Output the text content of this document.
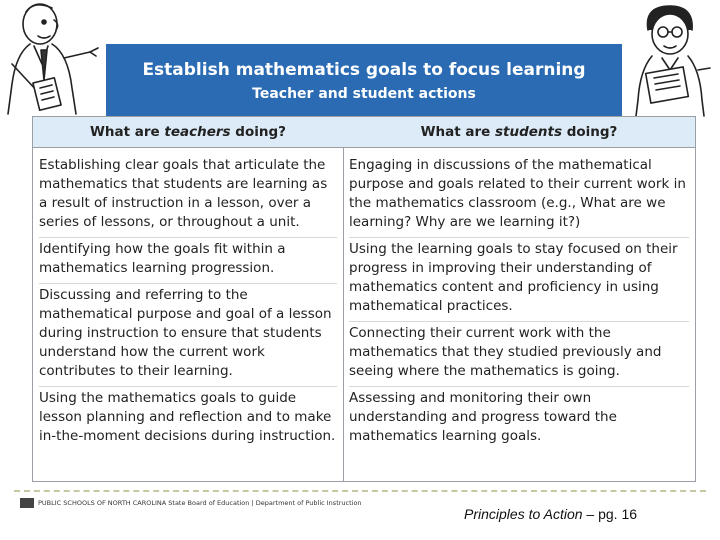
Establish mathematics goals to focus learning
Teacher and student actions
What are teachers doing?
Establishing clear goals that articulate the mathematics that students are learning as a result of instruction in a lesson, over a series of lessons, or throughout a unit.
Identifying how the goals fit within a mathematics learning progression.
Discussing and referring to the mathematical purpose and goal of a lesson during instruction to ensure that students understand how the current work contributes to their learning.
Using the mathematics goals to guide lesson planning and reflection and to make in-the-moment decisions during instruction.
What are students doing?
Engaging in discussions of the mathematical purpose and goals related to their current work in the mathematics classroom (e.g., What are we learning? Why are we learning it?)
Using the learning goals to stay focused on their progress in improving their understanding of mathematics content and proficiency in using mathematical practices.
Connecting their current work with the mathematics that they studied previously and seeing where the mathematics is going.
Assessing and monitoring their own understanding and progress toward the mathematics learning goals.
PUBLIC SCHOOLS OF NORTH CAROLINA State Board of Education | Department of Public Instruction
Principles to Action – pg. 16
